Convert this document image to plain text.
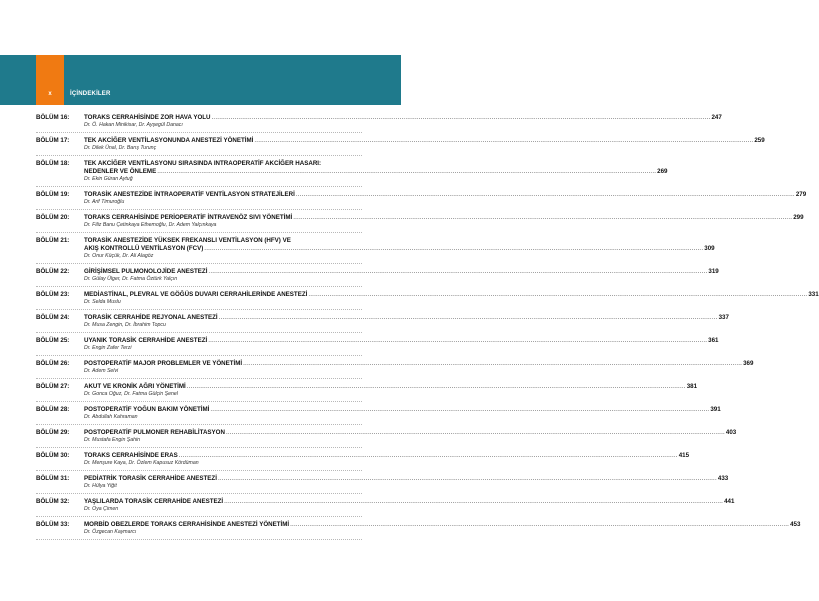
x	İÇİNDEKİLER
BÖLÜM 16:	TORAKS CERRAHİSİNDE ZOR HAVA YOLU .................................................................................................................................................................................................................................................................... 247
Dr. Ö. Hakan Minikisar, Dr. Ayşegül Danacı
BÖLÜM 17:	TEK AKCİĞER VENTİLASYONUNDA ANESTEZİ YÖNETİMİ .................................................................................................................................................................................................................................................................... 259
Dr. Dilek Ünal, Dr. Barış Turunç
BÖLÜM 18:	TEK AKCİĞER VENTİLASYONU SIRASINDA INTRAOPERATİF AKCİĞER HASARI:
NEDENLER VE ÖNLEME .................................................................................................................................................................................................................................................................... 269
Dr. Ekin Güran Aytuğ
BÖLÜM 19:	TORASİK ANESTEZİDE İNTRAOPERATİF VENTİLASYON STRATEJİLERİ .................................................................................................................................................................................................................................................................... 279
Dr. Arif Timuroğlu
BÖLÜM 20:	TORAKS CERRAHİSİNDE PERİOPERATİF İNTRAVENÖZ SIVI YÖNETİMİ .................................................................................................................................................................................................................................................................... 299
Dr. Filiz Banu Çetinkaya Ethemoğlu, Dr. Adem Yalçınkaya
BÖLÜM 21:	TORASİK ANESTEZİDE YÜKSEK FREKANSLI VENTİLASYON (HFV) VE
AKIŞ KONTROLLÜ VENTİLASYON (FCV) .................................................................................................................................................................................................................................................................... 309
Dr. Onur Küçük, Dr. Ali Alagöz
BÖLÜM 22:	GİRİŞİMSEL PULMONOLOJİDE ANESTEZİ .................................................................................................................................................................................................................................................................... 319
Dr. Gülay Ülger, Dr. Fatma Öztürk Yalçın
BÖLÜM 23:	MEDİASTİNAL, PLEVRAL VE GÖĞÜS DUVARI CERRAHİLERİNDE ANESTEZİ .................................................................................................................................................................................................................................................................... 331
Dr. Selda Muslu
BÖLÜM 24:	TORASİK CERRAHİDE REJYONAL ANESTEZİ .................................................................................................................................................................................................................................................................... 337
Dr. Musa Zengin, Dr. İbrahim Topcu
BÖLÜM 25:	UYANIK TORASİK CERRAHİDE ANESTEZİ .................................................................................................................................................................................................................................................................... 361
Dr. Engin Zafer Terzi
BÖLÜM 26:	POSTOPERATİF MAJOR PROBLEMLER VE YÖNETİMİ .................................................................................................................................................................................................................................................................... 369
Dr. Adem Selvi
BÖLÜM 27:	AKUT VE KRONİK AĞRI YÖNETİMİ .................................................................................................................................................................................................................................................................... 381
Dr. Gonca Oğuz, Dr. Fatma Gülçin Şenel
BÖLÜM 28:	POSTOPERATİF YOĞUN BAKIM YÖNETİMİ .................................................................................................................................................................................................................................................................... 391
Dr. Abdullah Kahraman
BÖLÜM 29:	POSTOPERATİF PULMONER REHABİLİTASYON .................................................................................................................................................................................................................................................................... 403
Dr. Mustafa Engin Şahin
BÖLÜM 30:	TORAKS CERRAHİSİNDE ERAS .................................................................................................................................................................................................................................................................... 415
Dr. Menşure Kaya, Dr. Özlem Kapusuz Kördüman
BÖLÜM 31:	PEDİATRİK TORASİK CERRAHİDE ANESTEZİ .................................................................................................................................................................................................................................................................... 433
Dr. Hülya Yiğit
BÖLÜM 32:	YAŞLILARDA TORASİK CERRAHİDE ANESTEZİ .................................................................................................................................................................................................................................................................... 441
Dr. Oya Çimen
BÖLÜM 33:	MORBİD OBEZLERDE TORAKS CERRAHİSİNDE ANESTEZİ YÖNETİMİ .................................................................................................................................................................................................................................................................... 453
Dr. Özgecan Kaymarcı
